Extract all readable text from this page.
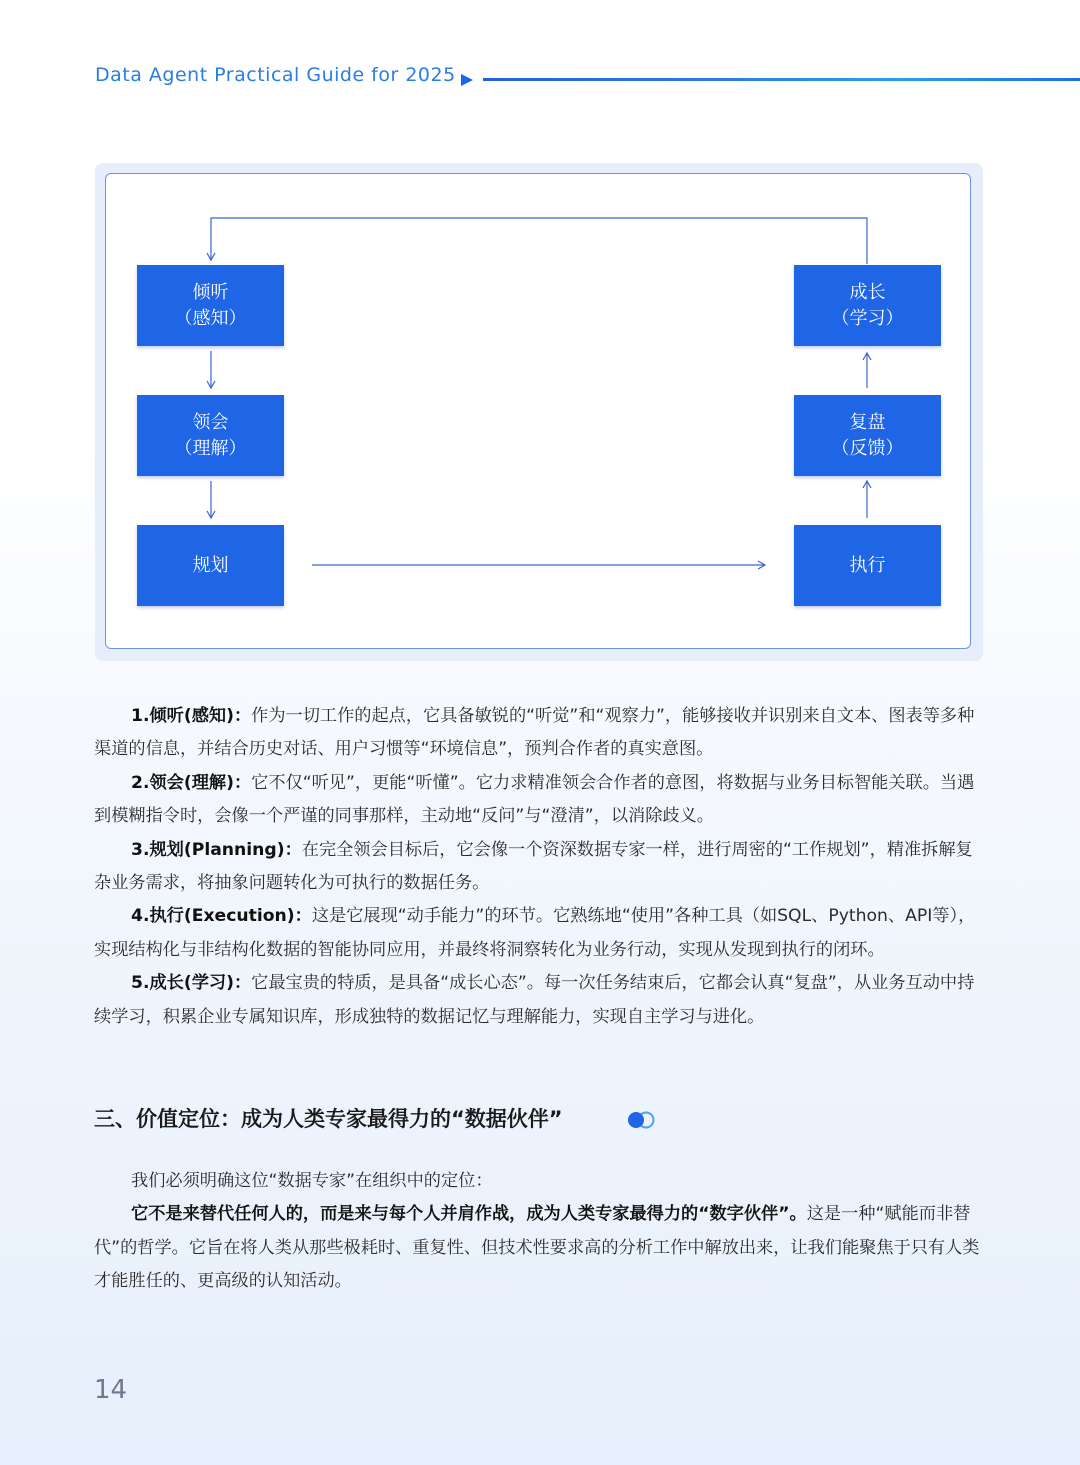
Data Agent Practical Guide for 2025
倾听
（感知）
领会
（理解）
规划
成长
（学习）
复盘
（反馈）
执行

1.倾听(感知)：作为一切工作的起点，它具备敏锐的“听觉”和“观察力”，能够接收并识别来自文本、图表等多种渠道的信息，并结合历史对话、用户习惯等“环境信息”，预判合作者的真实意图。

2.领会(理解)：它不仅“听见”，更能“听懂”。它力求精准领会合作者的意图，将数据与业务目标智能关联。当遇到模糊指令时，会像一个严谨的同事那样，主动地“反问”与“澄清”，以消除歧义。

3.规划(Planning)：在完全领会目标后，它会像一个资深数据专家一样，进行周密的“工作规划”，精准拆解复杂业务需求，将抽象问题转化为可执行的数据任务。

4.执行(Execution)：这是它展现“动手能力”的环节。它熟练地“使用”各种工具（如SQL、Python、API等），实现结构化与非结构化数据的智能协同应用，并最终将洞察转化为业务行动，实现从发现到执行的闭环。

5.成长(学习)：它最宝贵的特质，是具备“成长心态”。每一次任务结束后，它都会认真“复盘”，从业务互动中持续学习，积累企业专属知识库，形成独特的数据记忆与理解能力，实现自主学习与进化。

三、价值定位：成为人类专家最得力的“数据伙伴”

我们必须明确这位“数据专家”在组织中的定位：

它不是来替代任何人的，而是来与每个人并肩作战，成为人类专家最得力的“数字伙伴”。这是一种“赋能而非替代”的哲学。它旨在将人类从那些极耗时、重复性、但技术性要求高的分析工作中解放出来，让我们能聚焦于只有人类才能胜任的、更高级的认知活动。

14
